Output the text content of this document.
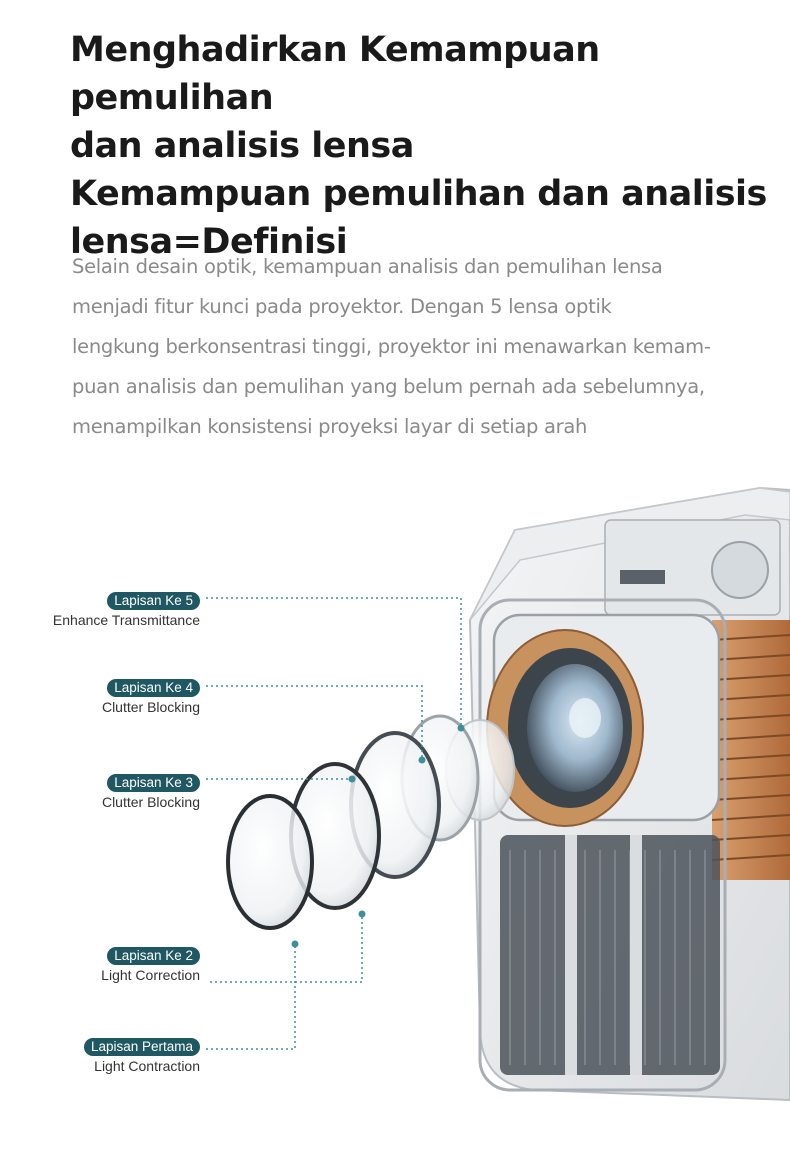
Menghadirkan Kemampuan pemulihan
dan analisis lensa
Kemampuan pemulihan dan analisis
lensa=Definisi

Selain desain optik, kemampuan analisis dan pemulihan lensa
menjadi fitur kunci pada proyektor. Dengan 5 lensa optik
lengkung berkonsentrasi tinggi, proyektor ini menawarkan kemam-
puan analisis dan pemulihan yang belum pernah ada sebelumnya,
menampilkan konsistensi proyeksi layar di setiap arah

Lapisan Ke 5
Enhance Transmittance
Lapisan Ke 4
Clutter Blocking
Lapisan Ke 3
Clutter Blocking
Lapisan Ke 2
Light Correction
Lapisan Pertama
Light Contraction
